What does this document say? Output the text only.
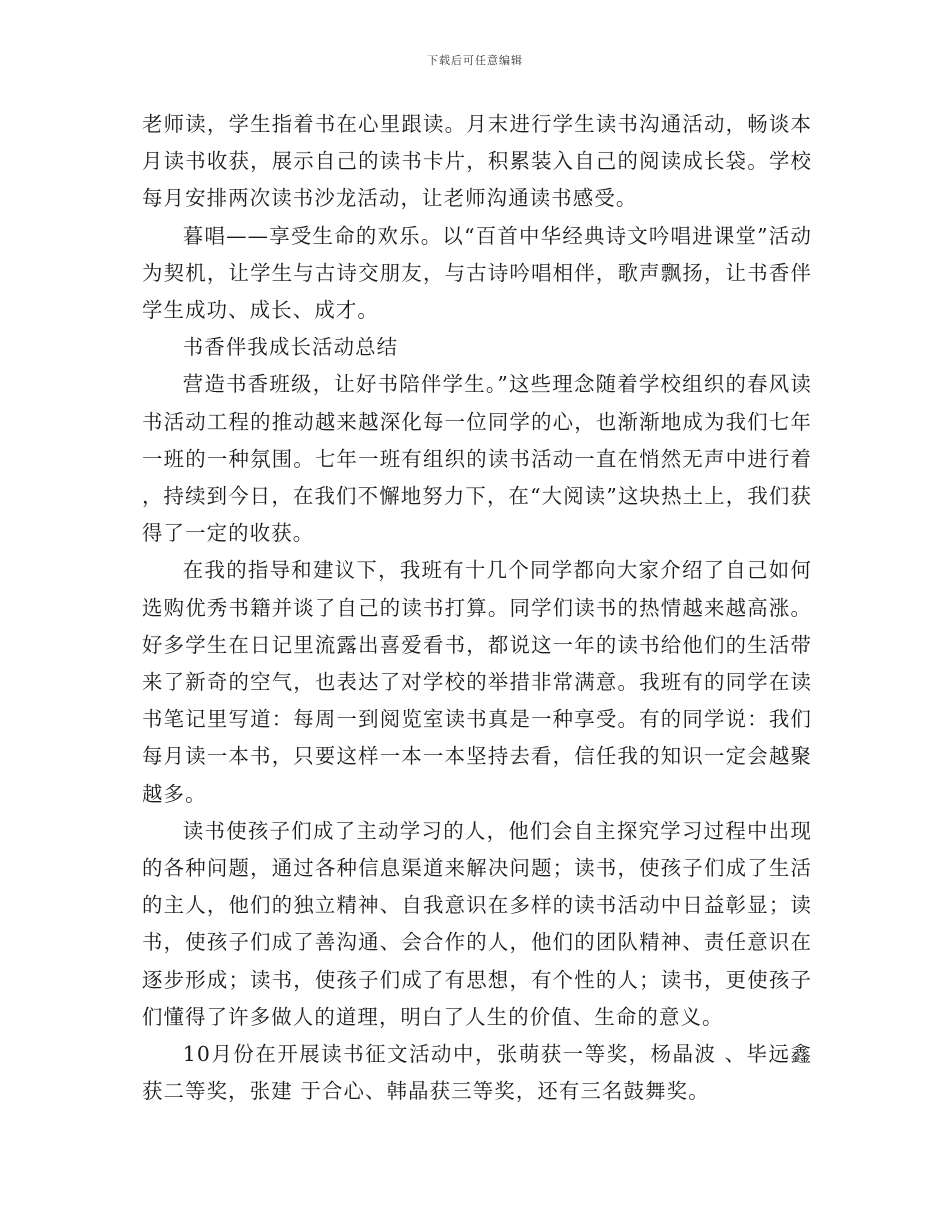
下载后可任意编辑

老师读，学生指着书在心里跟读。月末进行学生读书沟通活动，畅谈本月读书收获，展示自己的读书卡片，积累装入自己的阅读成长袋。学校每月安排两次读书沙龙活动，让老师沟通读书感受。

暮唱——享受生命的欢乐。以“百首中华经典诗文吟唱进课堂”活动为契机，让学生与古诗交朋友，与古诗吟唱相伴，歌声飘扬，让书香伴学生成功、成长、成才。

书香伴我成长活动总结

营造书香班级，让好书陪伴学生。”这些理念随着学校组织的春风读书活动工程的推动越来越深化每一位同学的心，也渐渐地成为我们七年一班的一种氛围。七年一班有组织的读书活动一直在悄然无声中进行着，持续到今日，在我们不懈地努力下，在“大阅读”这块热土上，我们获得了一定的收获。

在我的指导和建议下，我班有十几个同学都向大家介绍了自己如何选购优秀书籍并谈了自己的读书打算。同学们读书的热情越来越高涨。好多学生在日记里流露出喜爱看书，都说这一年的读书给他们的生活带来了新奇的空气，也表达了对学校的举措非常满意。我班有的同学在读书笔记里写道：每周一到阅览室读书真是一种享受。有的同学说：我们每月读一本书，只要这样一本一本坚持去看，信任我的知识一定会越聚越多。

读书使孩子们成了主动学习的人，他们会自主探究学习过程中出现的各种问题，通过各种信息渠道来解决问题；读书，使孩子们成了生活的主人，他们的独立精神、自我意识在多样的读书活动中日益彰显；读书，使孩子们成了善沟通、会合作的人，他们的团队精神、责任意识在逐步形成；读书，使孩子们成了有思想，有个性的人；读书，更使孩子们懂得了许多做人的道理，明白了人生的价值、生命的意义。

10月份在开展读书征文活动中，张萌获一等奖，杨晶波 、毕远鑫获二等奖，张建 于合心、韩晶获三等奖，还有三名鼓舞奖。
